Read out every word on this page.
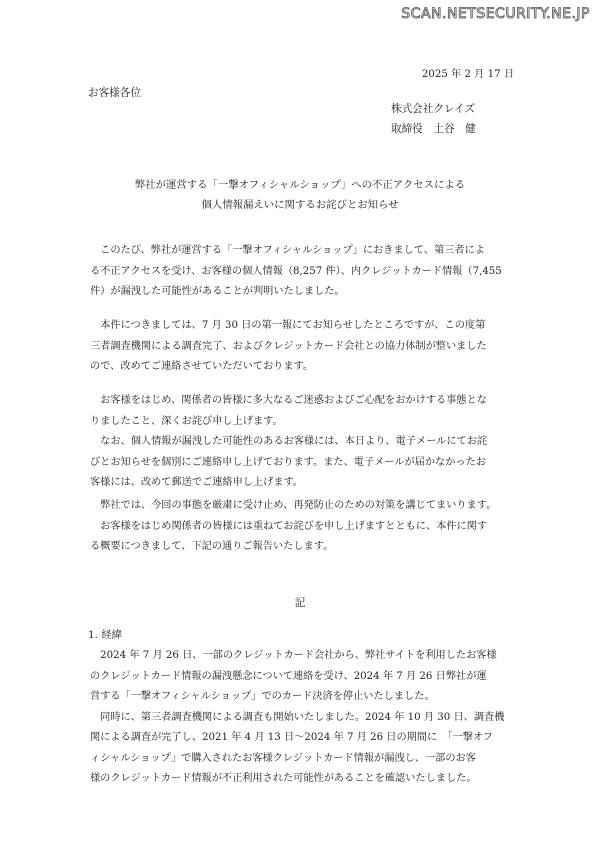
SCAN.NETSECURITY.NE.JP
2025 年 2 月 17 日
お客様各位
株式会社クレイズ
取締役　土谷　健
弊社が運営する「一撃オフィシャルショップ」への不正アクセスによる
個人情報漏えいに関するお詫びとお知らせ
　このたび、弊社が運営する「一撃オフィシャルショップ」におきまして、第三者によ
る不正アクセスを受け、お客様の個人情報（8,257 件）、内クレジットカード情報（7,455
件）が漏洩した可能性があることが判明いたしました。
　本件につきましては、7 月 30 日の第一報にてお知らせしたところですが、この度第
三者調査機関による調査完了、およびクレジットカード会社との協力体制が整いました
ので、改めてご連絡させていただいております。
　お客様をはじめ、関係者の皆様に多大なるご迷惑およびご心配をおかけする事態とな
りましたこと、深くお詫び申し上げます。
　なお、個人情報が漏洩した可能性のあるお客様には、本日より、電子メールにてお詫
びとお知らせを個別にご連絡申し上げております。また、電子メールが届かなかったお
客様には、改めて郵送でご連絡申し上げます。
　弊社では、今回の事態を厳粛に受け止め、再発防止のための対策を講じてまいります。
　お客様をはじめ関係者の皆様には重ねてお詫びを申し上げますとともに、本件に関す
る概要につきまして、下記の通りご報告いたします。
記
1. 経緯
　2024 年 7 月 26 日、一部のクレジットカード会社から、弊社サイトを利用したお客様
のクレジットカード情報の漏洩懸念について連絡を受け、2024 年 7 月 26 日弊社が運
営する「一撃オフィシャルショップ」でのカード決済を停止いたしました。
　同時に、第三者調査機関による調査も開始いたしました。2024 年 10 月 30 日、調査機
関による調査が完了し、2021 年 4 月 13 日～2024 年 7 月 26 日の期間に　「一撃オフ
ィシャルショップ」で購入されたお客様クレジットカード情報が漏洩し、一部のお客
様のクレジットカード情報が不正利用された可能性があることを確認いたしました。
